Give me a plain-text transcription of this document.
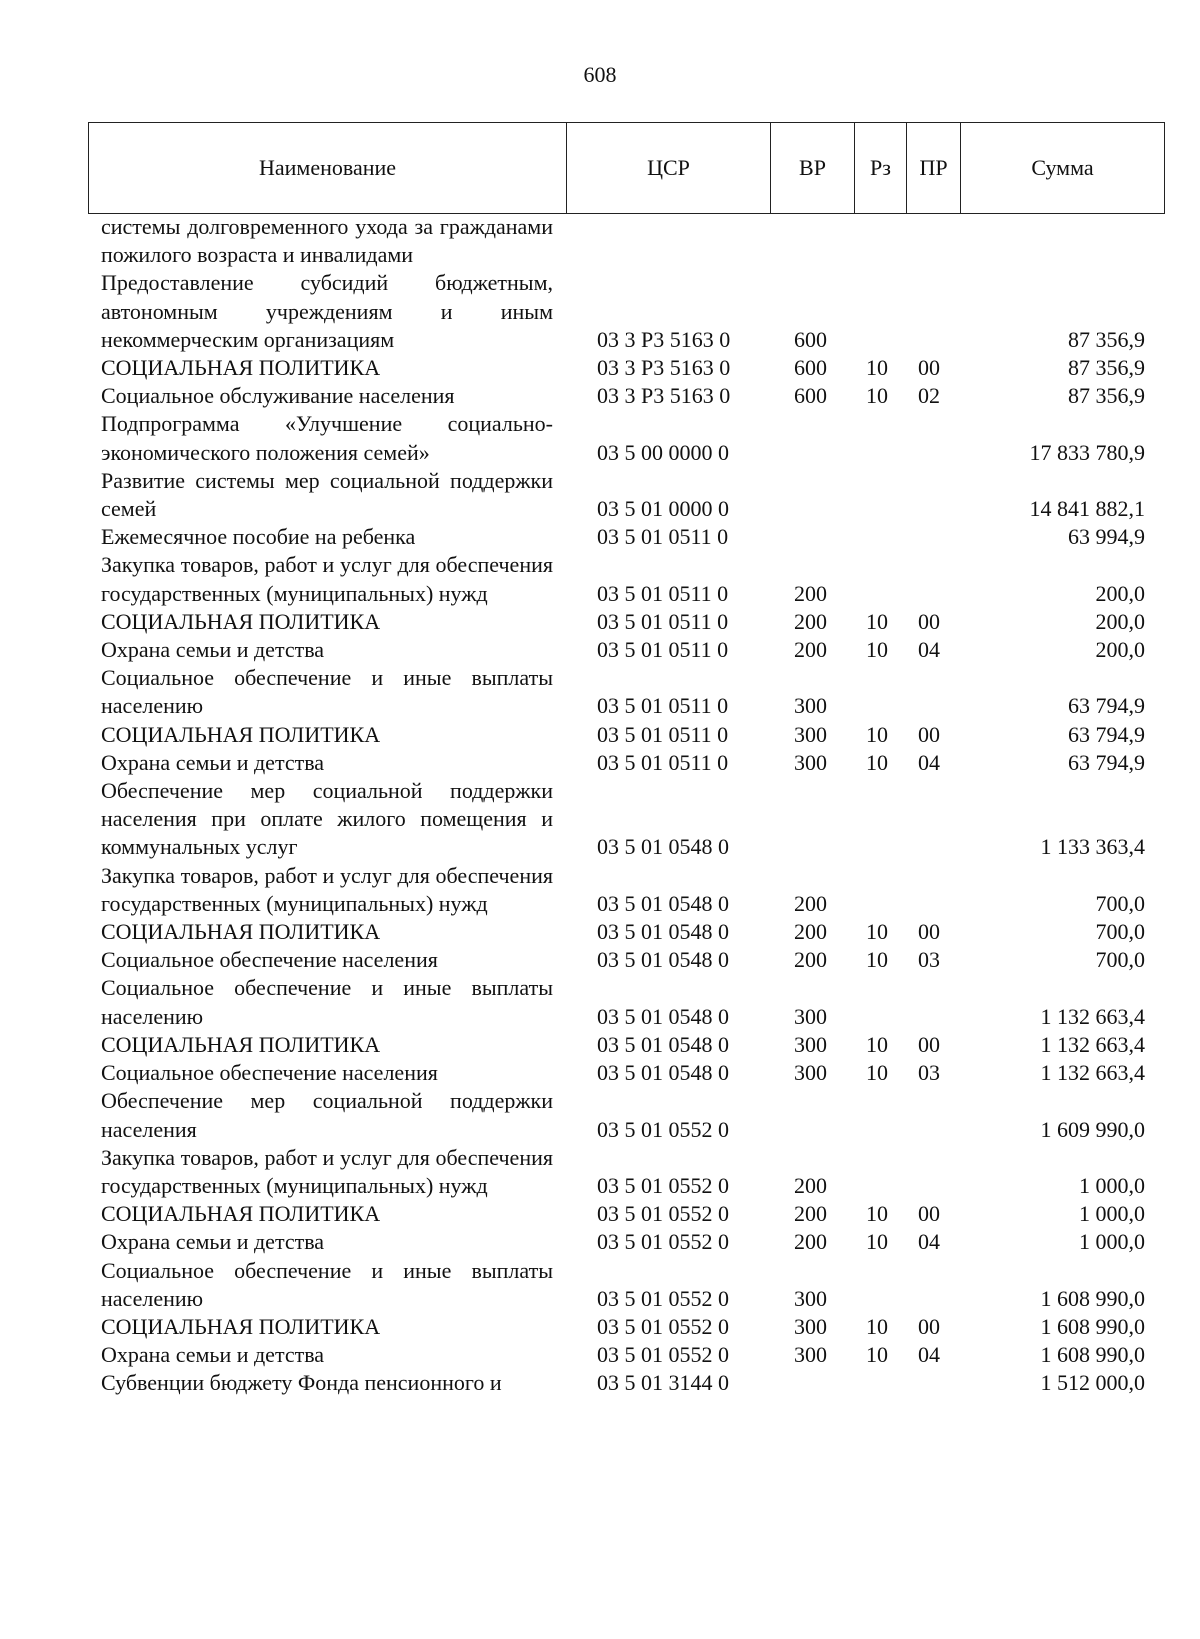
608
Наименование	ЦСР	ВР	Рз	ПР	Сумма
системы долговременного ухода за гражданами пожилого возраста и инвалидами
Предоставление субсидий бюджетным, автономным учреждениям и иным некоммерческим организациям	03 3 Р3 5163 0	600	87 356,9
СОЦИАЛЬНАЯ ПОЛИТИКА	03 3 Р3 5163 0	600 10 00	87 356,9
Социальное обслуживание населения	03 3 Р3 5163 0	600 10 02	87 356,9
Подпрограмма «Улучшение социально-экономического положения семей»	03 5 00 0000 0	17 833 780,9
Развитие системы мер социальной поддержки семей	03 5 01 0000 0	14 841 882,1
Ежемесячное пособие на ребенка	03 5 01 0511 0	63 994,9
Закупка товаров, работ и услуг для обеспечения государственных (муниципальных) нужд	03 5 01 0511 0	200	200,0
СОЦИАЛЬНАЯ ПОЛИТИКА	03 5 01 0511 0	200 10 00	200,0
Охрана семьи и детства	03 5 01 0511 0	200 10 04	200,0
Социальное обеспечение и иные выплаты населению	03 5 01 0511 0	300	63 794,9
СОЦИАЛЬНАЯ ПОЛИТИКА	03 5 01 0511 0	300 10 00	63 794,9
Охрана семьи и детства	03 5 01 0511 0	300 10 04	63 794,9
Обеспечение мер социальной поддержки населения при оплате жилого помещения и коммунальных услуг	03 5 01 0548 0	1 133 363,4
Закупка товаров, работ и услуг для обеспечения государственных (муниципальных) нужд	03 5 01 0548 0	200	700,0
СОЦИАЛЬНАЯ ПОЛИТИКА	03 5 01 0548 0	200 10 00	700,0
Социальное обеспечение населения	03 5 01 0548 0	200 10 03	700,0
Социальное обеспечение и иные выплаты населению	03 5 01 0548 0	300	1 132 663,4
СОЦИАЛЬНАЯ ПОЛИТИКА	03 5 01 0548 0	300 10 00	1 132 663,4
Социальное обеспечение населения	03 5 01 0548 0	300 10 03	1 132 663,4
Обеспечение мер социальной поддержки населения	03 5 01 0552 0	1 609 990,0
Закупка товаров, работ и услуг для обеспечения государственных (муниципальных) нужд	03 5 01 0552 0	200	1 000,0
СОЦИАЛЬНАЯ ПОЛИТИКА	03 5 01 0552 0	200 10 00	1 000,0
Охрана семьи и детства	03 5 01 0552 0	200 10 04	1 000,0
Социальное обеспечение и иные выплаты населению	03 5 01 0552 0	300	1 608 990,0
СОЦИАЛЬНАЯ ПОЛИТИКА	03 5 01 0552 0	300 10 00	1 608 990,0
Охрана семьи и детства	03 5 01 0552 0	300 10 04	1 608 990,0
Субвенции бюджету Фонда пенсионного и	03 5 01 3144 0	1 512 000,0
